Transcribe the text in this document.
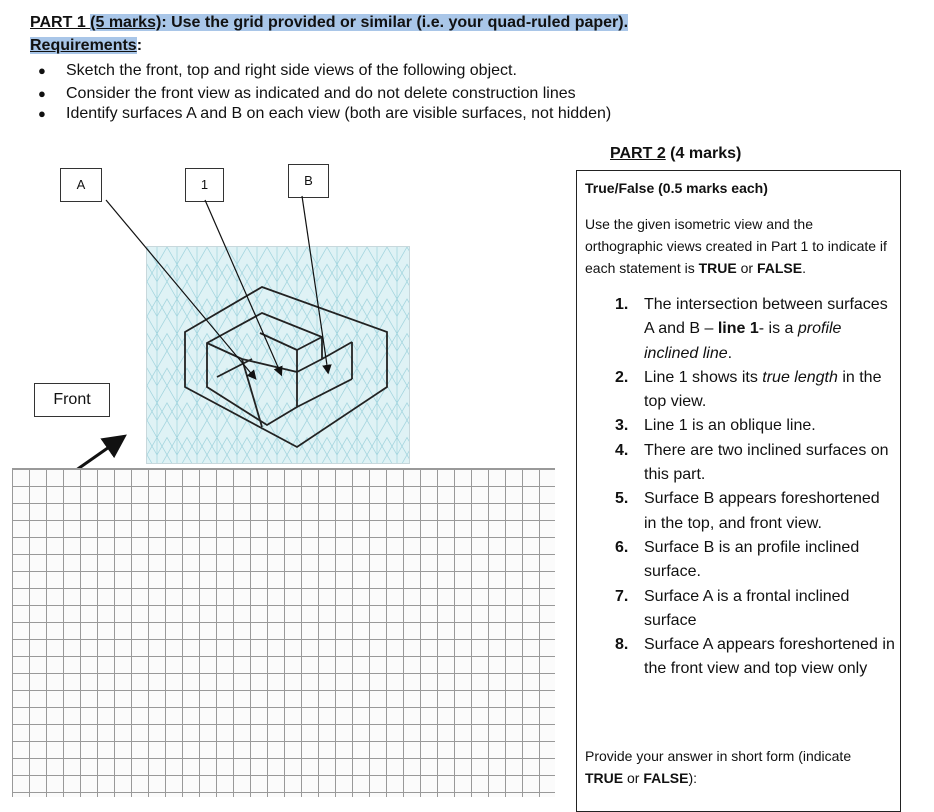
PART 1 (5 marks): Use the grid provided or similar (i.e. your quad-ruled paper).
Requirements:
● Sketch the front, top and right side views of the following object.
● Consider the front view as indicated and do not delete construction lines
● Identify surfaces A and B on each view (both are visible surfaces, not hidden)
A	1	B
Front
PART 2 (4 marks)
True/False (0.5 marks each)
Use the given isometric view and the orthographic views created in Part 1 to indicate if each statement is TRUE or FALSE.
1. The intersection between surfaces A and B – line 1- is a profile inclined line.
2. Line 1 shows its true length in the top view.
3. Line 1 is an oblique line.
4. There are two inclined surfaces on this part.
5. Surface B appears foreshortened in the top, and front view.
6. Surface B is an profile inclined surface.
7. Surface A is a frontal inclined surface
8. Surface A appears foreshortened in the front view and top view only
Provide your answer in short form (indicate TRUE or FALSE):
